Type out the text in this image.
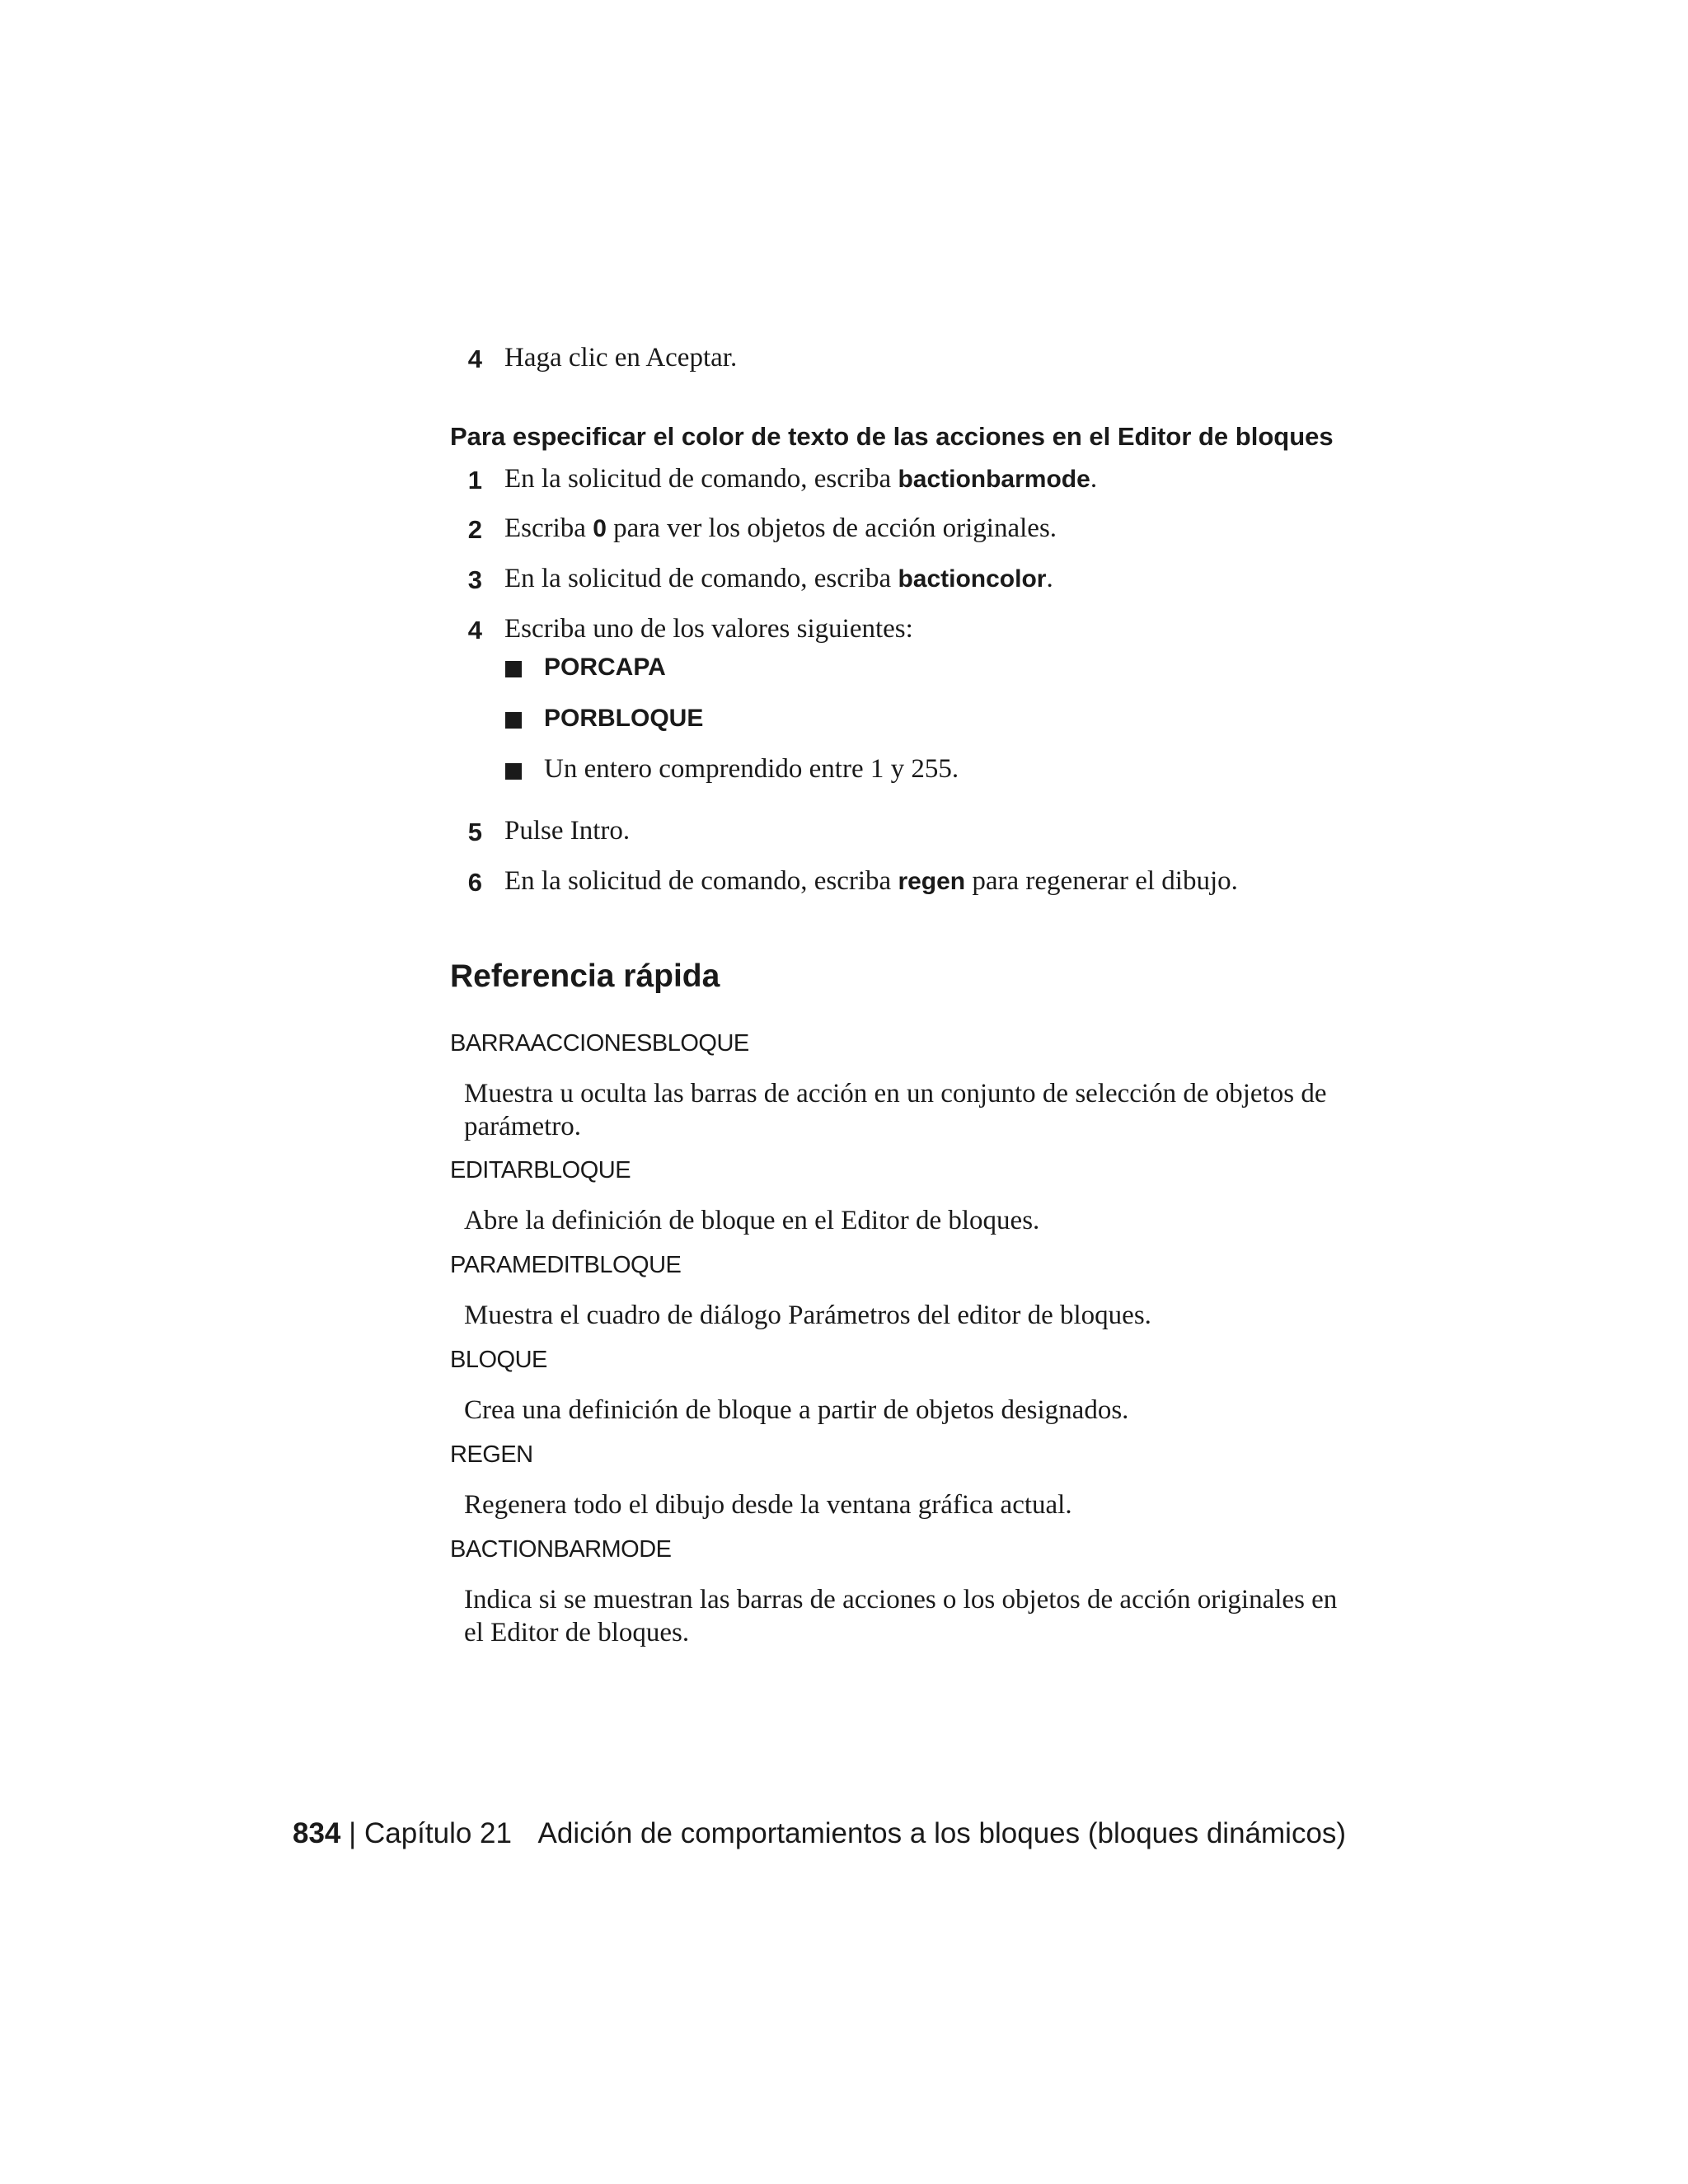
4 Haga clic en Aceptar.
Para especificar el color de texto de las acciones en el Editor de bloques
1 En la solicitud de comando, escriba bactionbarmode.
2 Escriba 0 para ver los objetos de acción originales.
3 En la solicitud de comando, escriba bactioncolor.
4 Escriba uno de los valores siguientes:
PORCAPA
PORBLOQUE
Un entero comprendido entre 1 y 255.
5 Pulse Intro.
6 En la solicitud de comando, escriba regen para regenerar el dibujo.
Referencia rápida
BARRAACCIONESBLOQUE
Muestra u oculta las barras de acción en un conjunto de selección de objetos de parámetro.
EDITARBLOQUE
Abre la definición de bloque en el Editor de bloques.
PARAMEDITBLOQUE
Muestra el cuadro de diálogo Parámetros del editor de bloques.
BLOQUE
Crea una definición de bloque a partir de objetos designados.
REGEN
Regenera todo el dibujo desde la ventana gráfica actual.
BACTIONBARMODE
Indica si se muestran las barras de acciones o los objetos de acción originales en el Editor de bloques.
834 | Capítulo 21 Adición de comportamientos a los bloques (bloques dinámicos)
